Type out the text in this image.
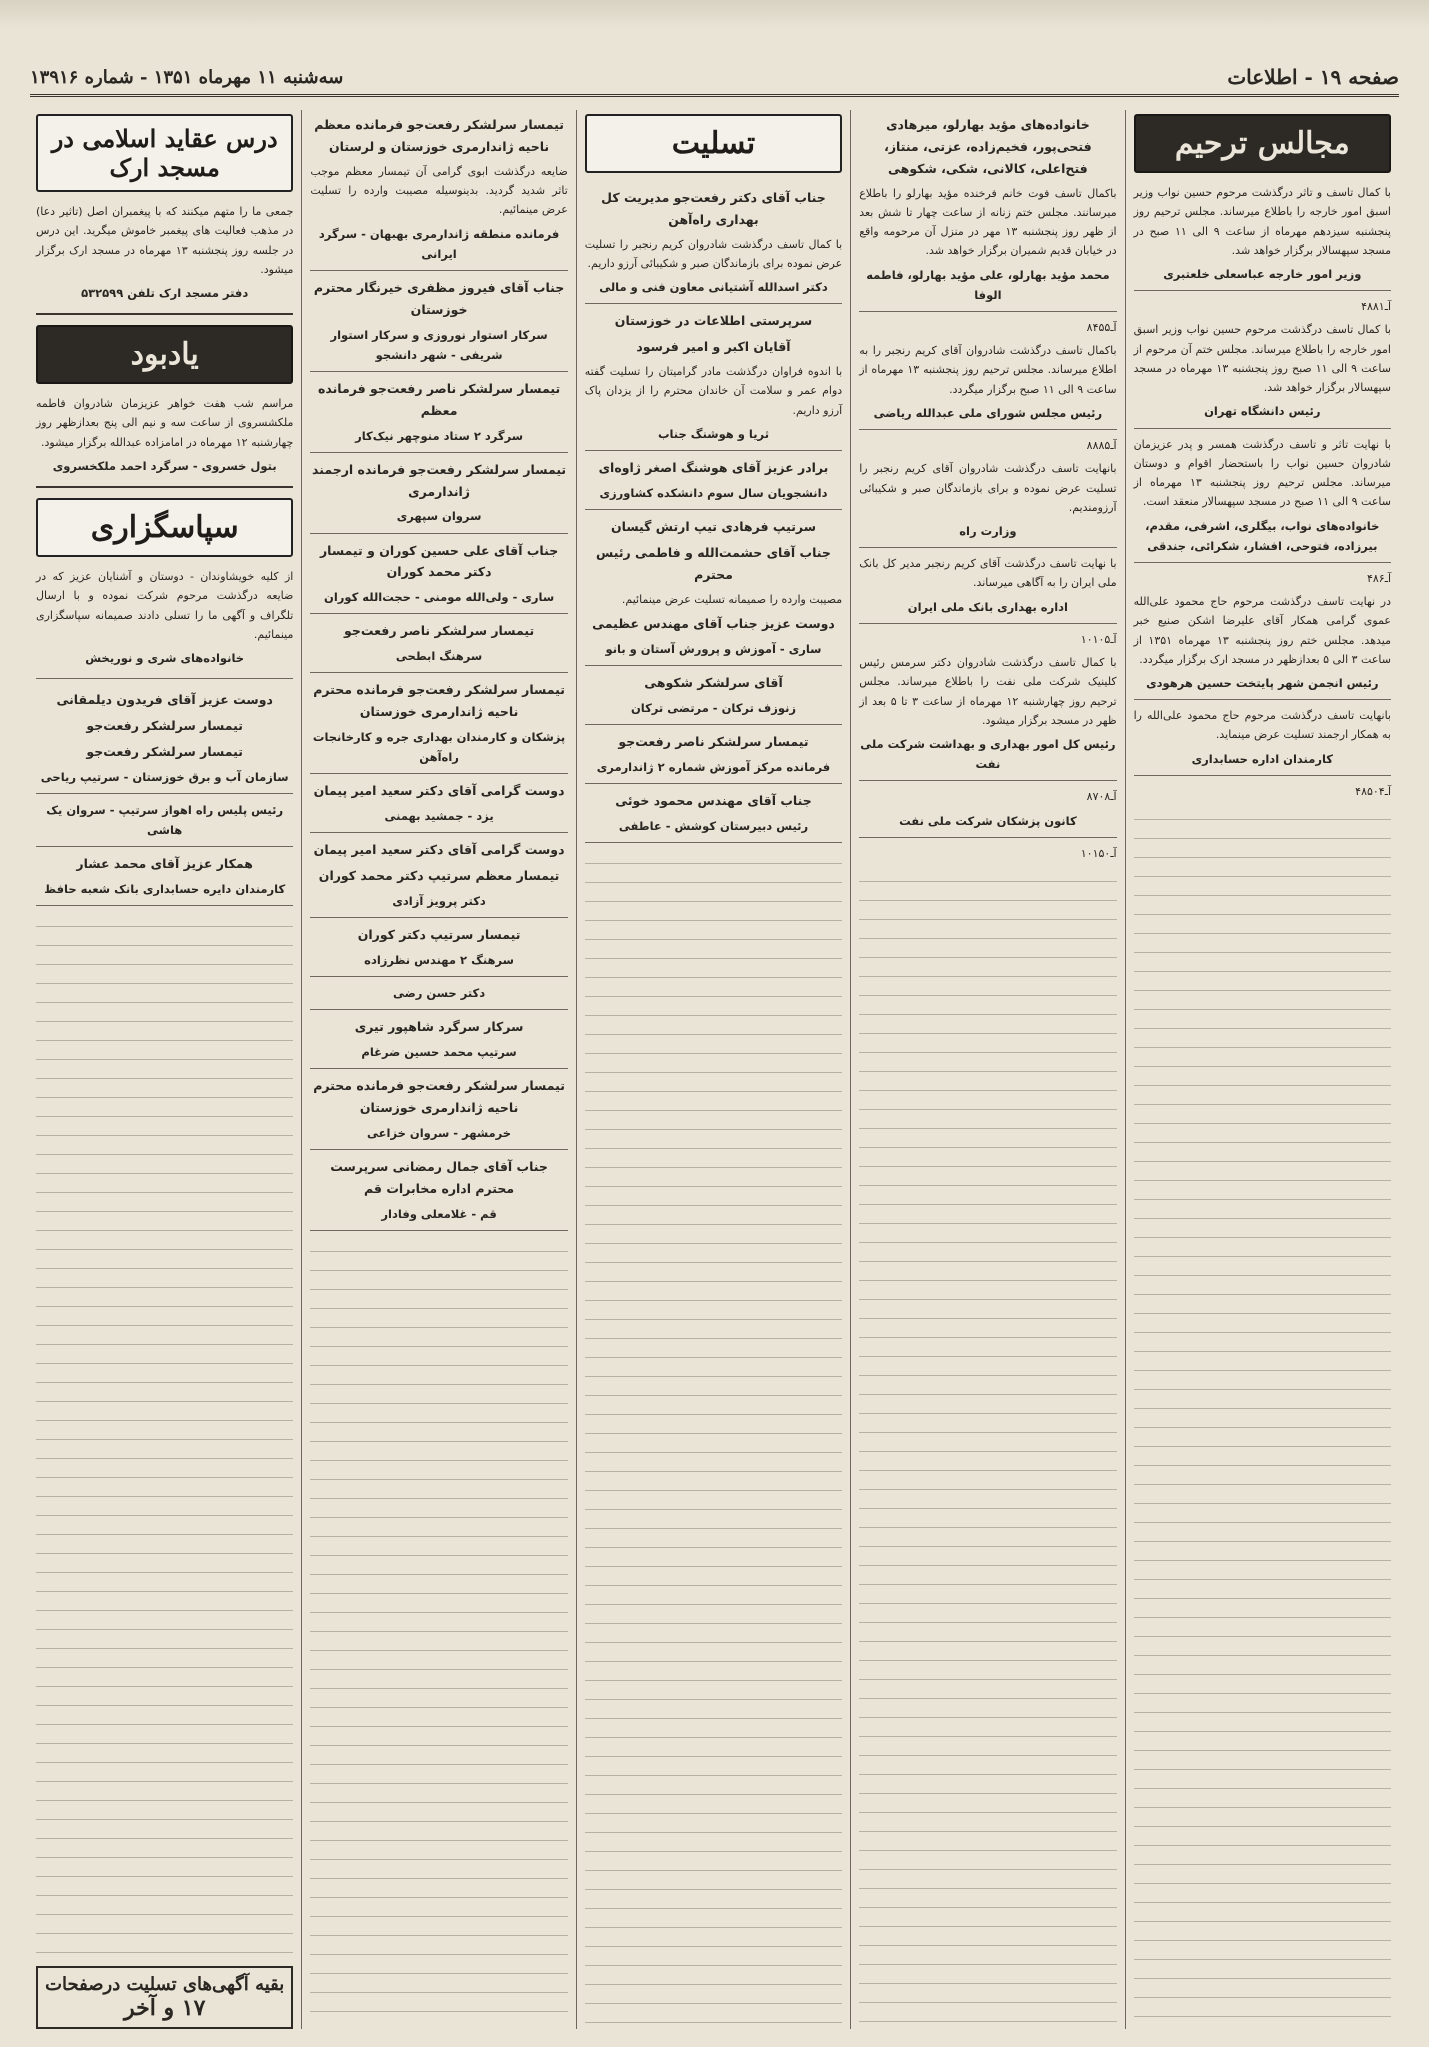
صفحه ۱۹ - اطلاعات
سه‌شنبه ۱۱ مهرماه ۱۳۵۱ - شماره ۱۳۹۱۶
مجالس ترحیم

با کمال تاسف و تاثر درگذشت مرحوم حسین نواب وزیر اسبق امور خارجه را باطلاع میرساند. مجلس ترحیم روز پنجشنبه سیزدهم مهرماه از ساعت ۹ الی ۱۱ صبح در مسجد سپهسالار برگزار خواهد شد.

وزیر امور خارجه عباسعلی خلعتبری

آـ۴۸۸۱

با کمال تاسف درگذشت مرحوم حسین نواب وزیر اسبق امور خارجه را باطلاع میرساند. مجلس ختم آن مرحوم از ساعت ۹ الی ۱۱ صبح روز پنجشنبه ۱۳ مهرماه در مسجد سپهسالار برگزار خواهد شد.

رئیس دانشگاه تهران

با نهایت تاثر و تاسف درگذشت همسر و پدر عزیزمان شادروان حسین نواب را باستحضار اقوام و دوستان میرساند. مجلس ترحیم روز پنجشنبه ۱۳ مهرماه از ساعت ۹ الی ۱۱ صبح در مسجد سپهسالار منعقد است.

خانواده‌های نواب، بیگلری، اشرفی، مقدم، بیرزاده، فتوحی، افشار، شکرائی، جندقی

آـ۴۸۶

در نهایت تاسف درگذشت مرحوم حاج محمود علی‌الله عموی گرامی همکار آقای علیرضا اشکن صنیع خبر میدهد. مجلس ختم روز پنجشنبه ۱۳ مهرماه ۱۳۵۱ از ساعت ۳ الی ۵ بعدازظهر در مسجد ارک برگزار میگردد.

رئیس انجمن شهر پایتخت حسین هرهودی

بانهایت تاسف درگذشت مرحوم حاج محمود علی‌الله را به همکار ارجمند تسلیت عرض مینماید.

کارمندان اداره حسابداری

آـ۴۸۵۰۴

خانواده‌های مؤید بهارلو، میرهادی فتحی‌پور، فخیم‌زاده، عزتی، منتاز، فتح‌اعلی، کالانی، شکی، شکوهی

باکمال تاسف فوت خانم فرخنده مؤید بهارلو را باطلاع میرسانند. مجلس ختم زنانه از ساعت چهار تا شش بعد از ظهر روز پنجشنبه ۱۳ مهر در منزل آن مرحومه واقع در خیابان قدیم شمیران برگزار خواهد شد.

محمد مؤید بهارلو، علی مؤید بهارلو، فاطمه الوفا

آـ۸۴۵۵

باکمال تاسف درگذشت شادروان آقای کریم رنجبر را به اطلاع میرساند. مجلس ترحیم روز پنجشنبه ۱۳ مهرماه از ساعت ۹ الی ۱۱ صبح برگزار میگردد.

رئیس مجلس شورای ملی عبدالله ریاضی

آـ۸۸۸۵

بانهایت تاسف درگذشت شادروان آقای کریم رنجبر را تسلیت عرض نموده و برای بازماندگان صبر و شکیبائی آرزومندیم.

وزارت راه

با نهایت تاسف درگذشت آقای کریم رنجبر مدیر کل بانک ملی ایران را به آگاهی میرساند.

اداره بهداری بانک ملی ایران

آـ۱۰۱۰۵

با کمال تاسف درگذشت شادروان دکتر سرمس رئیس کلینیک شرکت ملی نفت را باطلاع میرساند. مجلس ترحیم روز چهارشنبه ۱۲ مهرماه از ساعت ۳ تا ۵ بعد از ظهر در مسجد برگزار میشود.

رئیس کل امور بهداری و بهداشت شرکت ملی نفت

آـ۸۷۰۸

کانون پزشکان شرکت ملی نفت

آـ۱۰۱۵۰

تسلیت

جناب آقای دکتر رفعت‌جو مدیریت کل بهداری راه‌آهن

با کمال تاسف درگذشت شادروان کریم رنجبر را تسلیت عرض نموده برای بازماندگان صبر و شکیبائی آرزو داریم.

دکتر اسدالله آشتیانی معاون فنی و مالی

سرپرستی اطلاعات در خوزستان

آقایان اکبر و امیر فرسود

با اندوه فراوان درگذشت مادر گرامیتان را تسلیت گفته دوام عمر و سلامت آن خاندان محترم را از یزدان پاک آرزو داریم.

ثریا و هوشنگ جناب

برادر عزیز آقای هوشنگ اصغر ژاوه‌ای

دانشجویان سال سوم دانشکده کشاورزی

سرتیپ فرهادی تیپ ارتش گیسان

جناب آقای حشمت‌الله و فاطمی رئیس محترم

مصیبت وارده را صمیمانه تسلیت عرض مینمائیم.

دوست عزیز جناب آقای مهندس عظیمی

ساری - آموزش و پرورش آستان و بانو

آقای سرلشکر شکوهی

زنوزف ترکان - مرتضی ترکان

تیمسار سرلشکر ناصر رفعت‌جو

فرمانده مرکز آموزش شماره ۲ ژاندارمری

جناب آقای مهندس محمود خوئی

رئیس دبیرستان کوشش - عاطفی

تیمسار سرلشکر رفعت‌جو فرمانده معظم ناحیه ژاندارمری خوزستان و لرستان

ضایعه درگذشت ابوی گرامی آن تیمسار معظم موجب تاثر شدید گردید. بدینوسیله مصیبت وارده را تسلیت عرض مینمائیم.

فرمانده منطقه ژاندارمری بهبهان - سرگرد ایرانی

جناب آقای فیروز مظفری خیرنگار محترم خوزستان

سرکار استوار نوروزی و سرکار استوار شریفی - شهر دانشجو

تیمسار سرلشکر ناصر رفعت‌جو فرمانده معظم

سرگرد ۲ ستاد منوچهر نیک‌کار

تیمسار سرلشکر رفعت‌جو فرمانده ارجمند ژاندارمری

سروان سپهری

جناب آقای علی حسین کوران و تیمسار دکتر محمد کوران

ساری - ولی‌الله مومنی - حجت‌الله کوران

تیمسار سرلشکر ناصر رفعت‌جو

سرهنگ ابطحی

تیمسار سرلشکر رفعت‌جو فرمانده محترم ناحیه ژاندارمری خوزستان

پزشکان و کارمندان بهداری جره و کارخانجات راه‌آهن

دوست گرامی آقای دکتر سعید امیر پیمان

یزد - جمشید بهمنی

دوست گرامی آقای دکتر سعید امیر پیمان

تیمسار معظم سرتیپ دکتر محمد کوران

دکتر پرویز آزادی

تیمسار سرتیپ دکتر کوران

سرهنگ ۲ مهندس نظرزاده

دکتر حسن رضی

سرکار سرگرد شاهپور تیری

سرتیپ محمد حسین ضرغام

تیمسار سرلشکر رفعت‌جو فرمانده محترم ناحیه ژاندارمری خوزستان

خرمشهر - سروان خزاعی

جناب آقای جمال رمضانی سرپرست محترم اداره مخابرات قم

قم - غلامعلی وفادار

درس عقاید اسلامی در مسجد ارک

جمعی ما را متهم میکنند که با پیغمبران اصل (تاثیر دعا) در مذهب فعالیت های پیغمبر خاموش میگرید. این درس در جلسه روز پنجشنبه ۱۳ مهرماه در مسجد ارک برگزار میشود.

دفتر مسجد ارک تلفن ۵۳۲۵۹۹

یادبود

مراسم شب هفت خواهر عزیزمان شادروان فاطمه ملکشسروی از ساعت سه و نیم الی پنج بعدازظهر روز چهارشنبه ۱۲ مهرماه در امامزاده عبدالله برگزار میشود.

بتول خسروی - سرگرد احمد ملکخسروی

سپاسگزاری

از کلیه خویشاوندان - دوستان و آشنایان عزیز که در ضایعه درگذشت مرحوم شرکت نموده و با ارسال تلگراف و آگهی ما را تسلی دادند صمیمانه سپاسگزاری مینمائیم.

خانواده‌های شری و نوریخش

دوست عزیز آقای فریدون دیلمقانی

تیمسار سرلشکر رفعت‌جو

تیمسار سرلشکر رفعت‌جو

سازمان آب و برق خوزستان - سرتیپ ریاحی

رئیس پلیس راه اهواز سرتیپ - سروان یک هاشی

همکار عزیز آقای محمد عشار

کارمندان دایره حسابداری بانک شعبه حافظ

بقیه آگهی‌های تسلیت درصفحات
۱۷ و آخر
